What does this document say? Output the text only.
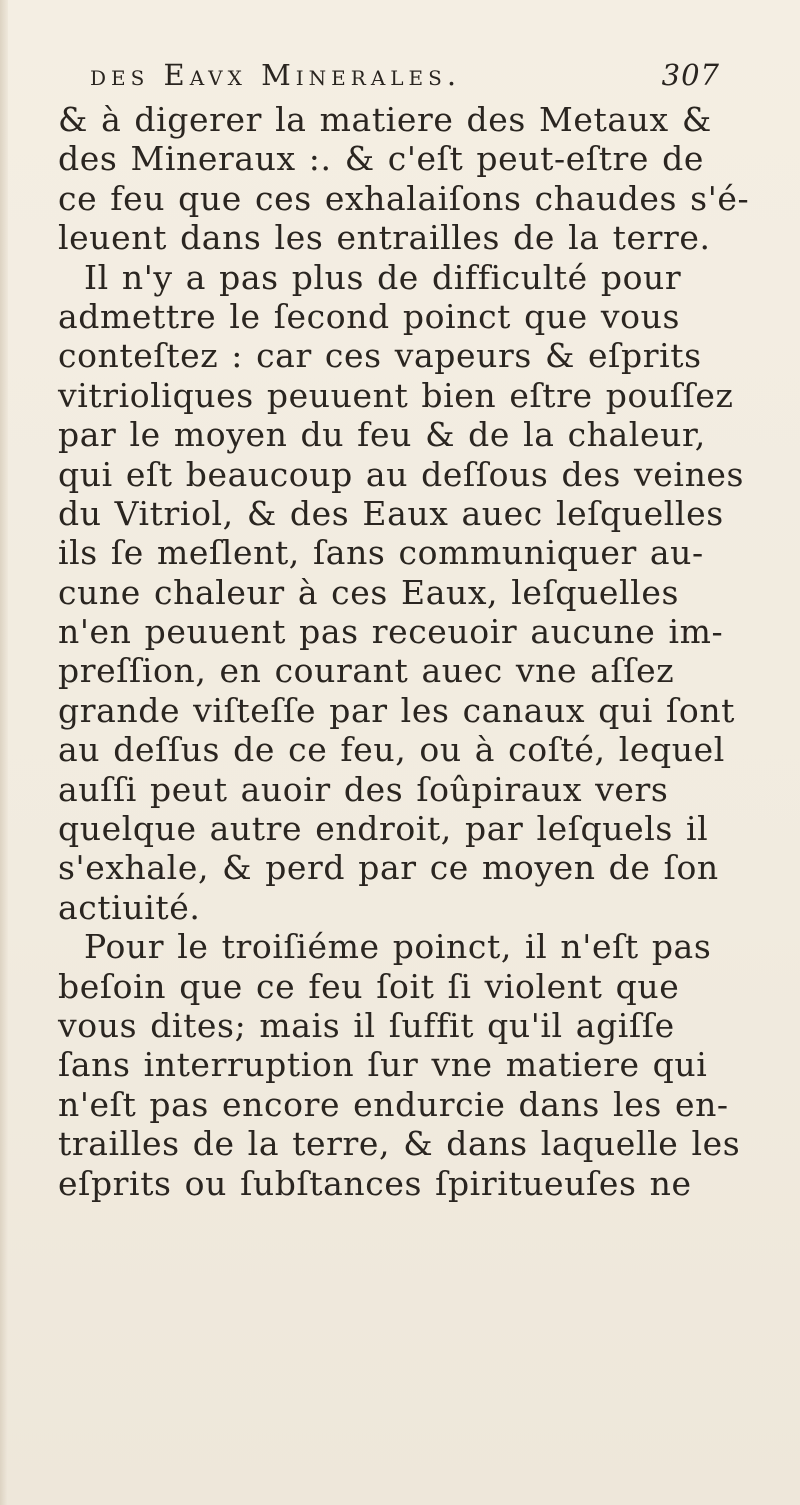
des Eavx Minerales.	307
& à digerer la matiere des Metaux &
des Mineraux :. & c'eſt peut-eſtre de
ce feu que ces exhalaiſons chaudes s'é-
leuent dans les entrailles de la terre.
Il n'y a pas plus de difficulté pour
admettre le ſecond poinct que vous
conteſtez : car ces vapeurs & eſprits
vitrioliques peuuent bien eſtre pouſſez
par le moyen du feu & de la chaleur,
qui eſt beaucoup au deſſous des veines
du Vitriol, & des Eaux auec leſquelles
ils ſe meſlent, ſans communiquer au-
cune chaleur à ces Eaux, leſquelles
n'en peuuent pas receuoir aucune im-
preſſion, en courant auec vne aſſez
grande viſteſſe par les canaux qui ſont
au deſſus de ce feu, ou à coſté, lequel
auſſi peut auoir des ſoûpiraux vers
quelque autre endroit, par leſquels il
s'exhale, & perd par ce moyen de ſon
actiuité.
Pour le troiſiéme poinct, il n'eſt pas
beſoin que ce feu ſoit ſi violent que
vous dites; mais il ſuffit qu'il agiſſe
ſans interruption ſur vne matiere qui
n'eſt pas encore endurcie dans les en-
trailles de la terre, & dans laquelle les
eſprits ou ſubſtances ſpiritueuſes ne
